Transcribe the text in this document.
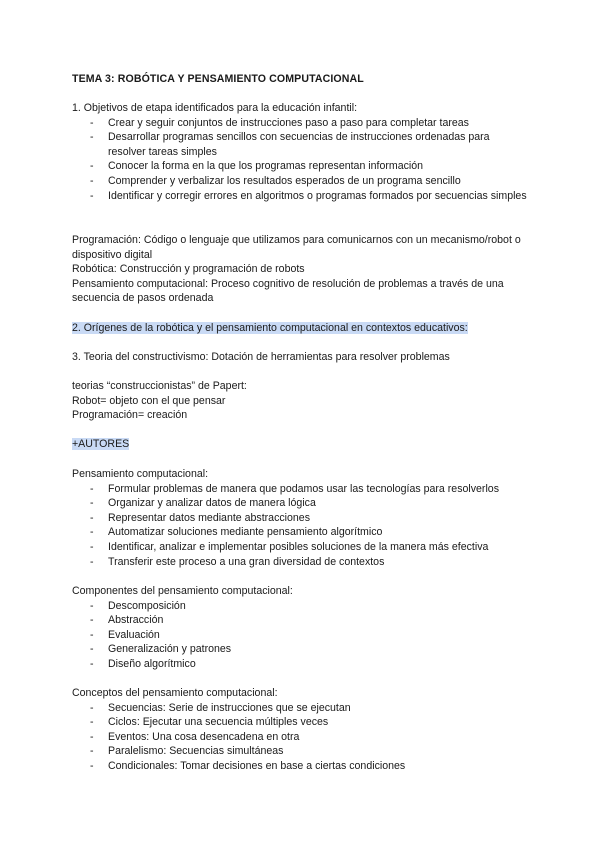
TEMA 3: ROBÓTICA Y PENSAMIENTO COMPUTACIONAL

1. Objetivos de etapa identificados para la educación infantil:

- Crear y seguir conjuntos de instrucciones paso a paso para completar tareas
- Desarrollar programas sencillos con secuencias de instrucciones ordenadas para resolver tareas simples
- Conocer la forma en la que los programas representan información
- Comprender y verbalizar los resultados esperados de un programa sencillo
- Identificar y corregir errores en algoritmos o programas formados por secuencias simples

Programación: Código o lenguaje que utilizamos para comunicarnos con un mecanismo/robot o dispositivo digital

Robótica: Construcción y programación de robots

Pensamiento computacional: Proceso cognitivo de resolución de problemas a través de una secuencia de pasos ordenada

2. Orígenes de la robótica y el pensamiento computacional en contextos educativos:

3. Teoria del constructivismo: Dotación de herramientas para resolver problemas

teorias “construccionistas” de Papert:

Robot= objeto con el que pensar

Programación= creación

+AUTORES

Pensamiento computacional:

- Formular problemas de manera que podamos usar las tecnologías para resolverlos
- Organizar y analizar datos de manera lógica
- Representar datos mediante abstracciones
- Automatizar soluciones mediante pensamiento algorítmico
- Identificar, analizar e implementar posibles soluciones de la manera más efectiva
- Transferir este proceso a una gran diversidad de contextos

Componentes del pensamiento computacional:

- Descomposición
- Abstracción
- Evaluación
- Generalización y patrones
- Diseño algorítmico

Conceptos del pensamiento computacional:

- Secuencias: Serie de instrucciones que se ejecutan
- Ciclos: Ejecutar una secuencia múltiples veces
- Eventos: Una cosa desencadena en otra
- Paralelismo: Secuencias simultáneas
- Condicionales: Tomar decisiones en base a ciertas condiciones
